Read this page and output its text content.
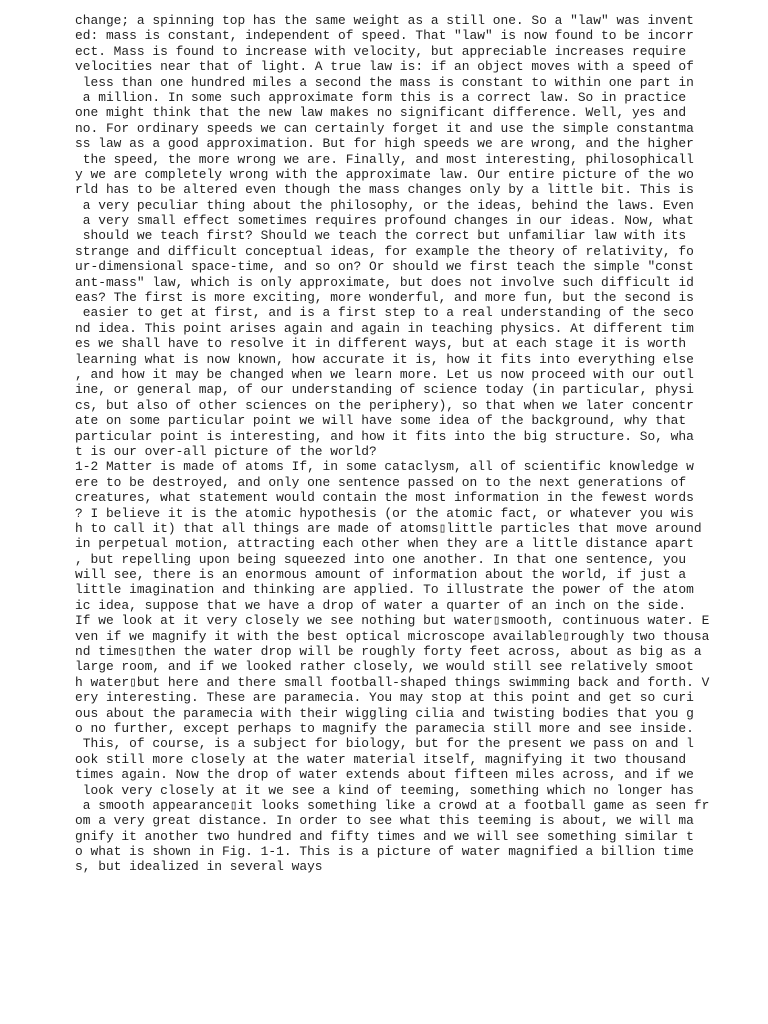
change; a spinning top has the same weight as a still one. So a "law" was invent
ed: mass is constant, independent of speed. That "law" is now found to be incorr
ect. Mass is found to increase with velocity, but appreciable increases require
velocities near that of light. A true law is: if an object moves with a speed of
less than one hundred miles a second the mass is constant to within one part in
a million. In some such approximate form this is a correct law. So in practice
one might think that the new law makes no significant difference. Well, yes and
no. For ordinary speeds we can certainly forget it and use the simple constantma
ss law as a good approximation. But for high speeds we are wrong, and the higher
the speed, the more wrong we are. Finally, and most interesting, philosophicall
y we are completely wrong with the approximate law. Our entire picture of the wo
rld has to be altered even though the mass changes only by a little bit. This is
a very peculiar thing about the philosophy, or the ideas, behind the laws. Even
a very small effect sometimes requires profound changes in our ideas. Now, what
should we teach first? Should we teach the correct but unfamiliar law with its
strange and difficult conceptual ideas, for example the theory of relativity, fo
ur-dimensional space-time, and so on? Or should we first teach the simple "const
ant-mass" law, which is only approximate, but does not involve such difficult id
eas? The first is more exciting, more wonderful, and more fun, but the second is
easier to get at first, and is a first step to a real understanding of the seco
nd idea. This point arises again and again in teaching physics. At different tim
es we shall have to resolve it in different ways, but at each stage it is worth
learning what is now known, how accurate it is, how it fits into everything else
, and how it may be changed when we learn more. Let us now proceed with our outl
ine, or general map, of our understanding of science today (in particular, physi
cs, but also of other sciences on the periphery), so that when we later concentr
ate on some particular point we will have some idea of the background, why that
particular point is interesting, and how it fits into the big structure. So, wha
t is our over-all picture of the world?
1-2 Matter is made of atoms If, in some cataclysm, all of scientific knowledge w
ere to be destroyed, and only one sentence passed on to the next generations of
creatures, what statement would contain the most information in the fewest words
? I believe it is the atomic hypothesis (or the atomic fact, or whatever you wis
h to call it) that all things are made of atoms▯little particles that move around
in perpetual motion, attracting each other when they are a little distance apart
, but repelling upon being squeezed into one another. In that one sentence, you
will see, there is an enormous amount of information about the world, if just a
little imagination and thinking are applied. To illustrate the power of the atom
ic idea, suppose that we have a drop of water a quarter of an inch on the side.
If we look at it very closely we see nothing but water▯smooth, continuous water. E
ven if we magnify it with the best optical microscope available▯roughly two thousa
nd times▯then the water drop will be roughly forty feet across, about as big as a
large room, and if we looked rather closely, we would still see relatively smoot
h water▯but here and there small football-shaped things swimming back and forth. V
ery interesting. These are paramecia. You may stop at this point and get so curi
ous about the paramecia with their wiggling cilia and twisting bodies that you g
o no further, except perhaps to magnify the paramecia still more and see inside.
This, of course, is a subject for biology, but for the present we pass on and l
ook still more closely at the water material itself, magnifying it two thousand
times again. Now the drop of water extends about fifteen miles across, and if we
look very closely at it we see a kind of teeming, something which no longer has
a smooth appearance▯it looks something like a crowd at a football game as seen fr
om a very great distance. In order to see what this teeming is about, we will ma
gnify it another two hundred and fifty times and we will see something similar t
o what is shown in Fig. 1-1. This is a picture of water magnified a billion time
s, but idealized in several ways
